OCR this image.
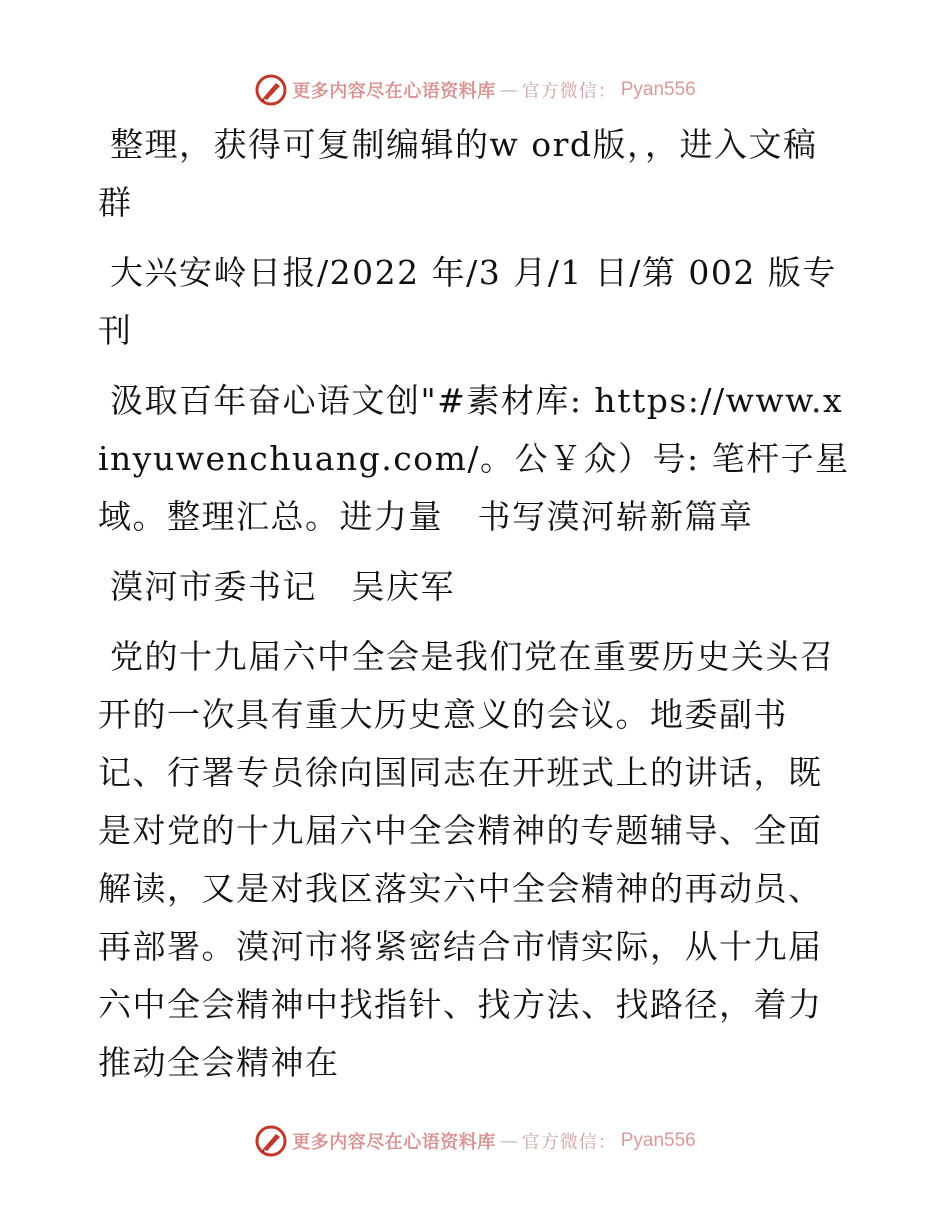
更多内容尽在心语资料库 — 官方微信： Pyan556

整理，获得可复制编辑的w ord版，，进入文稿群

大兴安岭日报/2022 年/3 月/1 日/第 002 版专刊

汲取百年奋心语文创"#素材库: https://www.xinyuwenchuang.com/。公￥众）号: 笔杆子星域。整理汇总。进力量　书写漠河崭新篇章

漠河市委书记　吴庆军

党的十九届六中全会是我们党在重要历史关头召开的一次具有重大历史意义的会议。地委副书记、行署专员徐向国同志在开班式上的讲话，既是对党的十九届六中全会精神的专题辅导、全面解读，又是对我区落实六中全会精神的再动员、再部署。漠河市将紧密结合市情实际，从十九届六中全会精神中找指针、找方法、找路径，着力推动全会精神在

更多内容尽在心语资料库 — 官方微信： Pyan556
